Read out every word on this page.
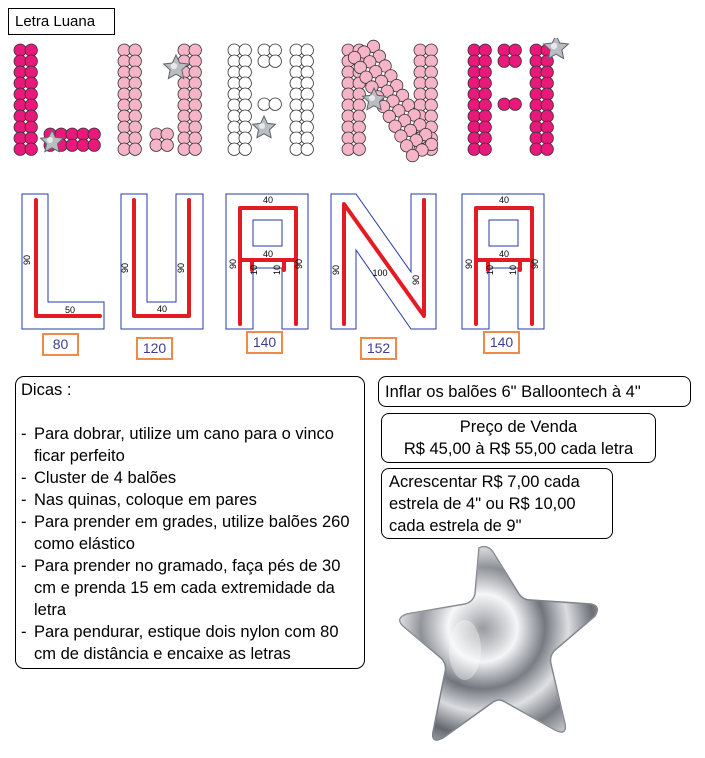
Letra Luana
90
50
90	90
40
40
40
90	90
10 10	90	100
90
40
40
90	90
10 10
80	120	140	152	140
Dicas :
- Para dobrar, utilize um cano para o vinco ficar perfeito
- Cluster de 4 balões
- Nas quinas, coloque em pares
- Para prender em grades, utilize balões 260 como elástico
- Para prender no gramado, faça pés de 30 cm e prenda 15 em cada extremidade da letra
- Para pendurar, estique dois nylon com 80 cm de distância e encaixe as letras
Inflar os balões 6" Balloontech à 4"
Preço de Venda
R$ 45,00 à R$ 55,00 cada letra
Acrescentar R$ 7,00 cada estrela de 4" ou R$ 10,00 cada estrela de 9"
